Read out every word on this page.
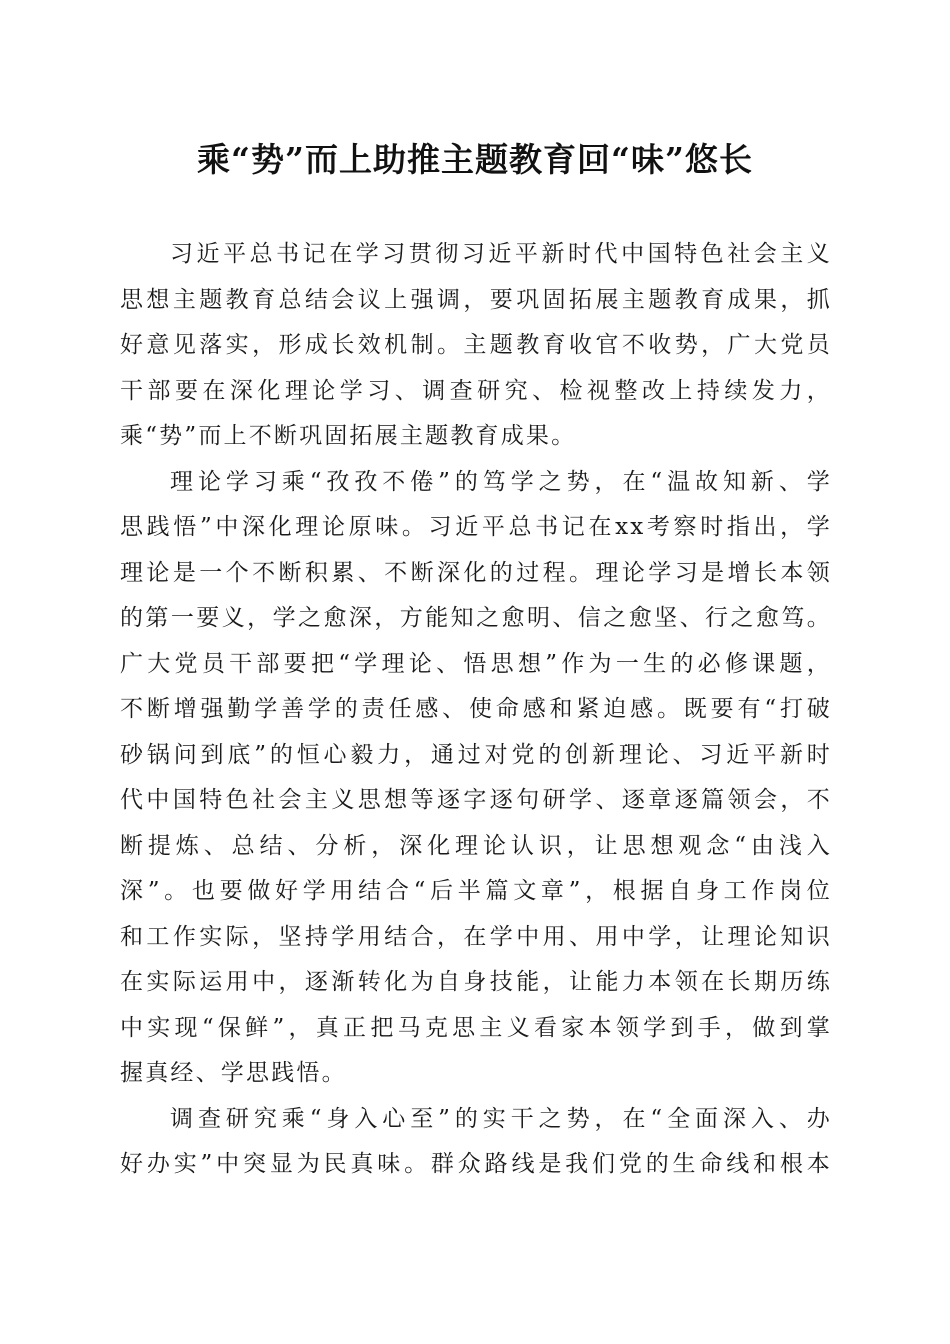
乘“势”而上助推主题教育回“味”悠长

习近平总书记在学习贯彻习近平新时代中国特色社会主义
思想主题教育总结会议上强调，要巩固拓展主题教育成果，抓
好意见落实，形成长效机制。主题教育收官不收势，广大党员
干部要在深化理论学习、调查研究、检视整改上持续发力，
乘“势”而上不断巩固拓展主题教育成果。

理论学习乘“孜孜不倦”的笃学之势，在“温故知新、学
思践悟”中深化理论原味。习近平总书记在xx考察时指出，学
理论是一个不断积累、不断深化的过程。理论学习是增长本领
的第一要义，学之愈深，方能知之愈明、信之愈坚、行之愈笃。
广大党员干部要把“学理论、悟思想”作为一生的必修课题，
不断增强勤学善学的责任感、使命感和紧迫感。既要有“打破
砂锅问到底”的恒心毅力，通过对党的创新理论、习近平新时
代中国特色社会主义思想等逐字逐句研学、逐章逐篇领会，不
断提炼、总结、分析，深化理论认识，让思想观念“由浅入
深”。也要做好学用结合“后半篇文章”，根据自身工作岗位
和工作实际，坚持学用结合，在学中用、用中学，让理论知识
在实际运用中，逐渐转化为自身技能，让能力本领在长期历练
中实现“保鲜”，真正把马克思主义看家本领学到手，做到掌
握真经、学思践悟。

调查研究乘“身入心至”的实干之势，在“全面深入、办
好办实”中突显为民真味。群众路线是我们党的生命线和根本
